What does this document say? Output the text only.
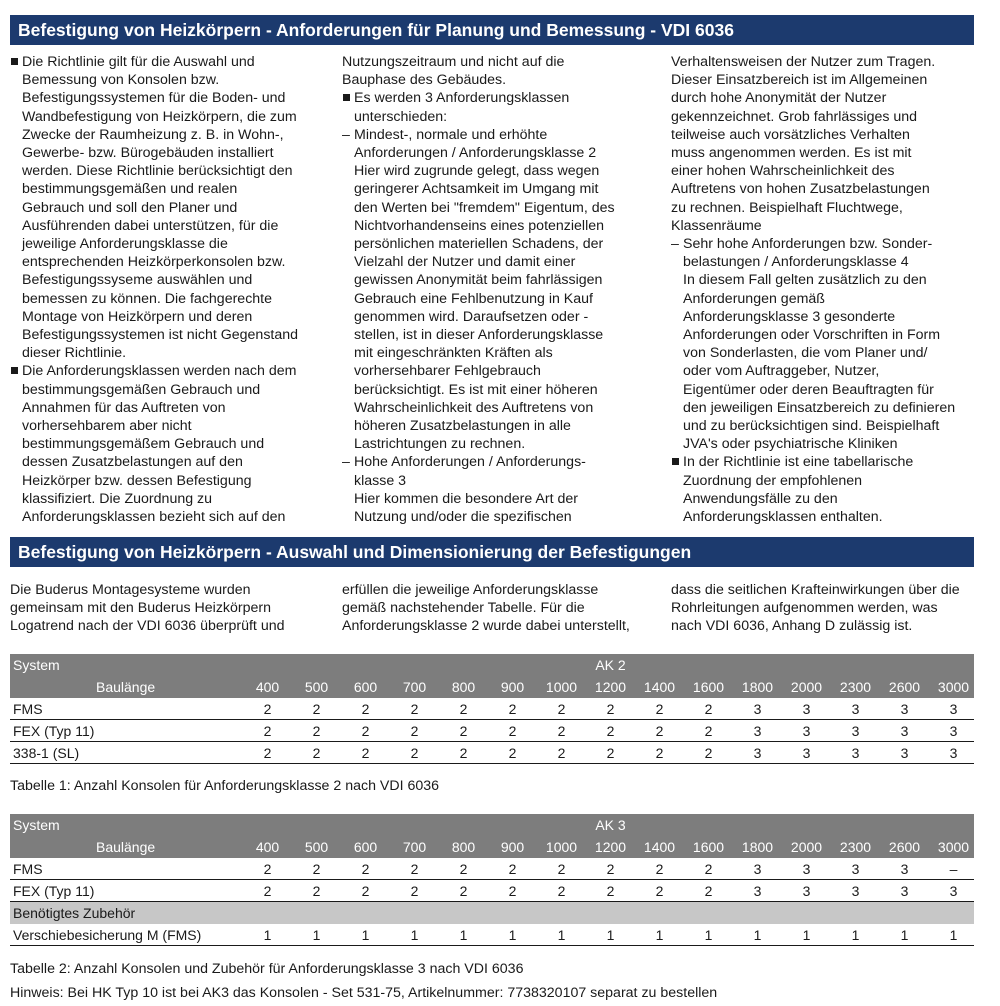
Befestigung von Heizkörpern - Anforderungen für Planung und Bemessung - VDI 6036

Die Richtlinie gilt für die Auswahl und

Bemessung von Konsolen bzw.

Befestigungssystemen für die Boden- und

Wandbefestigung von Heizkörpern, die zum

Zwecke der Raumheizung z. B. in Wohn-,

Gewerbe- bzw. Bürogebäuden installiert

werden. Diese Richtlinie berücksichtigt den

bestimmungsgemäßen und realen

Gebrauch und soll den Planer und

Ausführenden dabei unterstützen, für die

jeweilige Anforderungsklasse die

entsprechenden Heizkörperkonsolen bzw.

Befestigungssyseme auswählen und

bemessen zu können. Die fachgerechte

Montage von Heizkörpern und deren

Befestigungssystemen ist nicht Gegenstand

dieser Richtlinie.

Die Anforderungsklassen werden nach dem

bestimmungsgemäßen Gebrauch und

Annahmen für das Auftreten von

vorhersehbarem aber nicht

bestimmungsgemäßem Gebrauch und

dessen Zusatzbelastungen auf den

Heizkörper bzw. dessen Befestigung

klassifiziert. Die Zuordnung zu

Anforderungsklassen bezieht sich auf den

Nutzungszeitraum und nicht auf die

Bauphase des Gebäudes.

Es werden 3 Anforderungsklassen

unterschieden:

– Mindest-, normale und erhöhte

Anforderungen / Anforderungsklasse 2

Hier wird zugrunde gelegt, dass wegen

geringerer Achtsamkeit im Umgang mit

den Werten bei "fremdem" Eigentum, des

Nichtvorhandenseins eines potenziellen

persönlichen materiellen Schadens, der

Vielzahl der Nutzer und damit einer

gewissen Anonymität beim fahrlässigen

Gebrauch eine Fehlbenutzung in Kauf

genommen wird. Daraufsetzen oder -

stellen, ist in dieser Anforderungsklasse

mit eingeschränkten Kräften als

vorhersehbarer Fehlgebrauch

berücksichtigt. Es ist mit einer höheren

Wahrscheinlichkeit des Auftretens von

höheren Zusatzbelastungen in alle

Lastrichtungen zu rechnen.

– Hohe Anforderungen / Anforderungs-

klasse 3

Hier kommen die besondere Art der

Nutzung und/oder die spezifischen

Verhaltensweisen der Nutzer zum Tragen.

Dieser Einsatzbereich ist im Allgemeinen

durch hohe Anonymität der Nutzer

gekennzeichnet. Grob fahrlässiges und

teilweise auch vorsätzliches Verhalten

muss angenommen werden. Es ist mit

einer hohen Wahrscheinlichkeit des

Auftretens von hohen Zusatzbelastungen

zu rechnen. Beispielhaft Fluchtwege,

Klassenräume

– Sehr hohe Anforderungen bzw. Sonder-

belastungen / Anforderungsklasse 4

In diesem Fall gelten zusätzlich zu den

Anforderungen gemäß

Anforderungsklasse 3 gesonderte

Anforderungen oder Vorschriften in Form

von Sonderlasten, die vom Planer und/

oder vom Auftraggeber, Nutzer,

Eigentümer oder deren Beauftragten für

den jeweiligen Einsatzbereich zu definieren

und zu berücksichtigen sind. Beispielhaft

JVA's oder psychiatrische Kliniken

In der Richtlinie ist eine tabellarische

Zuordnung der empfohlenen

Anwendungsfälle zu den

Anforderungsklassen enthalten.

Befestigung von Heizkörpern - Auswahl und Dimensionierung der Befestigungen
Die Buderus Montagesysteme wurden
gemeinsam mit den Buderus Heizkörpern
Logatrend nach der VDI 6036 überprüft und
erfüllen die jeweilige Anforderungsklasse
gemäß nachstehender Tabelle. Für die
Anforderungsklasse 2 wurde dabei unterstellt,
dass die seitlichen Krafteinwirkungen über die
Rohrleitungen aufgenommen werden, was
nach VDI 6036, Anhang D zulässig ist.
System	AK 2
Baulänge	400	500	600	700	800	900	1000	1200	1400	1600	1800	2000	2300	2600	3000
FMS	2	2	2	2	2	2	2	2	2	2	3	3	3	3	3
FEX (Typ 11)	2	2	2	2	2	2	2	2	2	2	3	3	3	3	3
338-1 (SL)	2	2	2	2	2	2	2	2	2	2	3	3	3	3	3
Tabelle 1: Anzahl Konsolen für Anforderungsklasse 2 nach VDI 6036
System	AK 3
Baulänge	400	500	600	700	800	900	1000	1200	1400	1600	1800	2000	2300	2600	3000
FMS	2	2	2	2	2	2	2	2	2	2	3	3	3	3	–
FEX (Typ 11)	2	2	2	2	2	2	2	2	2	2	3	3	3	3	3
Benötigtes Zubehör
Verschiebesicherung M (FMS)	1	1	1	1	1	1	1	1	1	1	1	1	1	1	1
Tabelle 2: Anzahl Konsolen und Zubehör für Anforderungsklasse 3 nach VDI 6036
Hinweis: Bei HK Typ 10 ist bei AK3 das Konsolen - Set 531-75, Artikelnummer: 7738320107 separat zu bestellen
